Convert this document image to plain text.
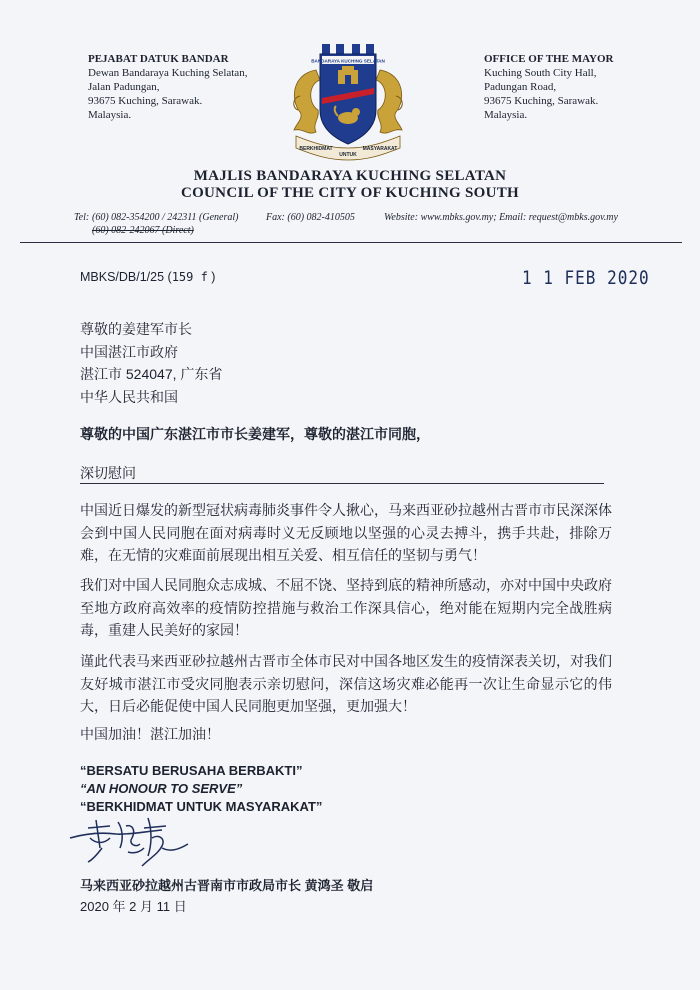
PEJABAT DATUK BANDAR
Dewan Bandaraya Kuching Selatan,
Jalan Padungan,
93675 Kuching, Sarawak.
Malaysia.
BANDARAYA KUCHING SELATAN
BERKHIDMAT
UNTUK
MASYARAKAT
OFFICE OF THE MAYOR
Kuching South City Hall,
Padungan Road,
93675 Kuching, Sarawak.
Malaysia.
MAJLIS BANDARAYA KUCHING SELATAN
COUNCIL OF THE CITY OF KUCHING SOUTH
Tel: (60) 082-354200 / 242311 (General)
(60) 082-242067 (Direct)
Fax: (60) 082-410505	Website: www.mbks.gov.my; Email: request@mbks.gov.my
MBKS/DB/1/25 (159 f )	1 1 FEB 2020
尊敬的姜建军市长
中国湛江市政府
湛江市 524047, 广东省
中华人民共和国
尊敬的中国广东湛江市市长姜建军，尊敬的湛江市同胞，
深切慰问
中国近日爆发的新型冠状病毒肺炎事件令人揪心，马来西亚砂拉越州古晋市市民深深体会到中国人民同胞在面对病毒时义无反顾地以坚强的心灵去搏斗，携手共赴，排除万难，在无情的灾难面前展现出相互关爱、相互信任的坚韧与勇气！
我们对中国人民同胞众志成城、不屈不饶、坚持到底的精神所感动，亦对中国中央政府至地方政府高效率的疫情防控措施与救治工作深具信心，绝对能在短期内完全战胜病毒，重建人民美好的家园！
谨此代表马来西亚砂拉越州古晋市全体市民对中国各地区发生的疫情深表关切，对我们友好城市湛江市受灾同胞表示亲切慰问，深信这场灾难必能再一次让生命显示它的伟大，日后必能促使中国人民同胞更加坚强，更加强大！
中国加油！湛江加油！
“BERSATU BERUSAHA BERBAKTI”
“AN HONOUR TO SERVE”
“BERKHIDMAT UNTUK MASYARAKAT”
马来西亚砂拉越州古晋南市市政局市长 黄鸿圣 敬启
2020 年 2 月 11 日
